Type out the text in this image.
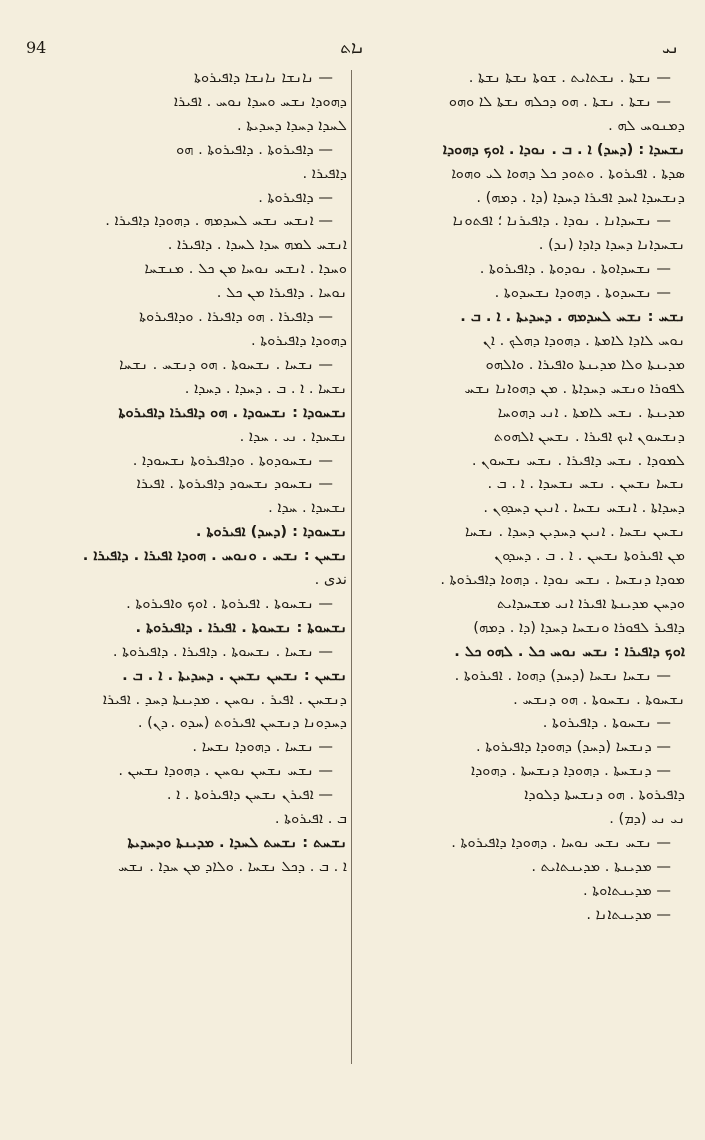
94	ܢܐܬ	ܢܝ
— ܢܫܬܐ . ܢܫܬܐܝܬ . ܫܘܬܐ ܢܫܬܐ ܢܫܬܐ .
— ܢܫܬܐ . ܢܫܬܐ . ܗܘ ܕܟܠܗ ܢܫܬܐ ܠܐ ܘܗܘ
ܕܡܢܘܚ ܠܗ .
ܢܫܚܕܐ : (ܕܚܕ) ܐ . ܒ . ܢܘܕܐ . ܐܘܟ ܕܗܘܕܐ
ܣܕܬܐ . ܐܦܝܪܘܬܐ . ܘܬܘܕ ܟܠ ܕܗܘܐ ܠܝ ܘܗܘܐ
ܕܢܫܚܕܐ ܐܚܕ ܐܦܝܪܐ ܕܚܕܐ (ܕܐ . ܕܡܗ) .
— ܢܫܚܕܐܢܐ . ܢܘܕܐ . ܕܐܦܝܪܢܐ ؛ ܐܦܬܘܢܐ
ܢܫܚܕܐܢܐ ܕܚܕܐ ܕܐܕܐ (ܢܕ) .
— ܢܫܚܕܐܘܬܐ . ܢܘܕܘܬܐ . ܕܐܦܝܪܘܬܐ .
— ܢܫܚܕܘܬܐ . ܕܗܘܕܐ ܢܫܚܕܘܬܐ .
ܢܫܚ : ܢܫܚ ܠܚܕܡܗ . ܕܚܕܝܬܐ . ܐ . ܒ .
ܢܘܚ ܠܐܕܐ ܠܐܡܬܐ . ܕܗܘܕܐ ܕܗܠܟ . ܐܢ
ܡܕܝܢܬܐ ܘܠܐ ܡܕܝܢܬܐ ܘܐܦܝܪܐ . ܘܐܠܗܘ
ܠܦܘܪܐ ܘܢܫܚ ܕܚܕܐܬܐ . ܡܢ ܕܗܘܐܢܐ ܢܫܚ
ܡܕܝܢܬܐ . ܢܫܚ ܠܐܡܬܐ . ܐܢܝ ܕܗܘܚܐ
ܕܢܫܚܘܢ ܐܝܟ ܐܦܝܪܐ . ܢܫܚܢ ܐܠܗܘܬ
ܠܡܘܕܐ . ܢܫܚ ܕܐܦܝܪܐ . ܢܫܚ ܢܫܚܘܢ .
ܢܫܚܐ ܢܫܚܢ . ܢܫܚ ܢܫܚܕܐ . ܐ . ܒ .
ܕܚܕܐܬܐ . ܐܢܫܚ ܢܫܚܐ . ܐܢܝܢ ܕܚܕܘܢ .
ܢܫܚܢ ܢܫܚܐ . ܐܢܝܢ ܕܚܕܝܢ ܕܚܕܐ . ܢܫܚܐ
ܡܢ ܐܦܝܪܘܬܐ ܢܫܚܢ . ܐ . ܒ . ܕܚܕܘܢ
ܡܘܕܐ ܕܢܫܚܐ . ܢܫܚ ܢܘܕܐ . ܕܗܘܐ ܕܐܦܝܪܘܬܐ .
ܘܕܚܢ ܡܕܝܢܬܐ ܐܦܝܪܐ ܐܢܝ ܡܫܚܕܐܝܬ
ܕܐܦܝܪ ܠܦܘܪܐ ܘܢܫܚܐ ܕܚܕܐ (ܕܐ . ܕܡܗ)
ܐܘܟ ܕܐܦܝܪܐ : ܢܫܚ ܢܘܚ ܟܠ . ܠܗܘ ܟܠ .
— ܢܫܚܐ ܢܫܚܐ (ܕܚܕ) ܕܗܘܐ . ܐܦܝܪܘܬܐ .
ܢܫܚܘܬܐ . ܢܫܚܘܬܐ . ܗܘ ܕܢܫܚ .
— ܢܫܚܘܬܐ . ܕܐܦܝܪܘܬܐ .
— ܕܢܫܚܐ (ܕܚܕ) ܕܗܘܕܐ ܕܐܦܝܪܘܬܐ .
— ܕܢܫܚܬܐ . ܕܗܘܕܐ ܕܢܫܚܬܐ . ܕܗܘܕܐ
ܕܐܦܝܪܘܬܐ . ܗܘ ܕܢܫܚܬܐ ܕܠܘܕܐ
ܢܝ ܢܝ (ܕܡ) .
— ܢܫܚ ܢܫܚ ܢܘܚܐ . ܕܗܘܕܐ ܕܐܦܝܪܘܬܐ .
— ܡܕܝܢܬܐ . ܡܕܝܢܬܐܝܬ .
— ܡܕܝܢܬܐܘܬܐ .
— ܡܕܝܢܬܐܢܐ .
— ܢܐܢܫܐ ܢܐܢܫܐ ܕܐܦܝܪܘܬܐ
ܕܗܘܕܐ ܢܫܚ ܘܚܕܐ ܢܘܚ . ܐܦܝܪܐ
ܠܚܕܐ ܕܚܕܐ ܕܚܕܝܬܐ .
— ܕܐܦܝܪܘܬܐ . ܕܐܦܝܪܘܬܐ . ܗܘ
ܕܐܦܝܪܐ .
— ܕܐܦܝܪܘܬܐ .
— ܐܢܫܚ ܢܫܚ ܠܚܕܡܗ . ܕܗܘܕܐ ܕܐܦܝܪܐ .
ܐܢܫܚ ܠܡܗ ܚܕܐ ܠܚܕܐ . ܕܐܦܝܪܐ .
ܘܚܕܐ . ܐܢܫܚ ܢܘܚܐ ܡܢ ܟܠ . ܡܢܫܚܐ
ܢܘܚܐ . ܕܐܦܝܪܐ ܡܢ ܟܠ .
— ܕܐܦܝܪܐ . ܗܘ ܕܐܦܝܪܐ . ܘܕܐܦܝܪܘܬܐ
ܕܗܘܕܐ ܕܐܦܝܪܘܬܐ .
— ܢܫܚܐ . ܢܫܚܘܬܐ . ܗܘ ܕܢܫܚ . ܢܫܚܐ
ܢܫܚܐ . ܐ . ܒ . ܕܚܕܐ . ܕܚܕܐ .
ܢܫܚܘܕܐ : ܢܫܚܘܕܐ . ܗܘ ܕܐܦܝܪܐ ܕܐܦܝܪܘܬܐ
ܢܫܚܕܐ . ܢܝ . ܚܕܐ .
— ܢܫܚܘܕܘܬܐ . ܘܕܐܦܝܪܘܬܐ ܢܫܚܘܕܐ .
— ܢܫܚܘܕ ܢܫܚܘܕ ܕܐܦܝܪܘܬܐ . ܐܦܝܪܐ
ܢܫܚܕܐ . ܚܕܐ .
ܢܫܚܘܕܐ : (ܕܚܕ) ܐܦܝܪܘܬܐ .
ܢܫܚܢ : ܢܫܚ . ܘܢܘܚ . ܗܘܕܐ ܐܦܝܪܐ . ܕܐܦܝܪܐ .
ندی .
— ܢܫܚܘܬܐ . ܐܦܝܪܘܬܐ . ܐܘܟ ܘܐܦܝܪܘܬܐ .
ܢܫܚܘܬܐ : ܢܫܚܘܬܐ . ܐܦܝܪܐ . ܕܐܦܝܪܘܬܐ .
— ܢܫܚܐ . ܢܫܚܘܬܐ . ܕܐܦܝܪܐ . ܕܐܦܝܪܘܬܐ .
ܢܫܚܢ : ܢܫܚܢ ܢܫܚܢ . ܕܚܕܝܬܐ . ܐ . ܒ .
ܕܢܫܚܢ . ܐܦܝܪ . ܢܘܚܢ . ܡܕܝܢܬܐ ܕܚܕ . ܐܦܝܪܐ
ܕܚܕܘܢܐ ܕܢܫܚܢ ܐܦܝܪܘܬ (ܚܕܘ . ܕܢ) .
— ܢܫܚܐ . ܕܗܘܕܐ ܢܫܚܐ .
— ܢܫܚ ܢܫܚܢ ܢܘܚܢ . ܕܗܘܕܐ ܢܫܚܢ .
— ܐܦܝܪܢ ܢܫܚܢ ܕܐܦܝܪܘܬܐ . ܐ .
ܒ . ܐܦܝܪܘܬܐ .
ܢܫܚܬ : ܢܫܚܬ ܠܚܕܐ . ܡܕܝܢܬܐ ܘܕܚܕܝܬܐ
ܐ . ܒ . ܕܟܠ ܢܫܚܐ . ܘܠܐܕ ܡܢ ܚܕܐ . ܢܫܚ
